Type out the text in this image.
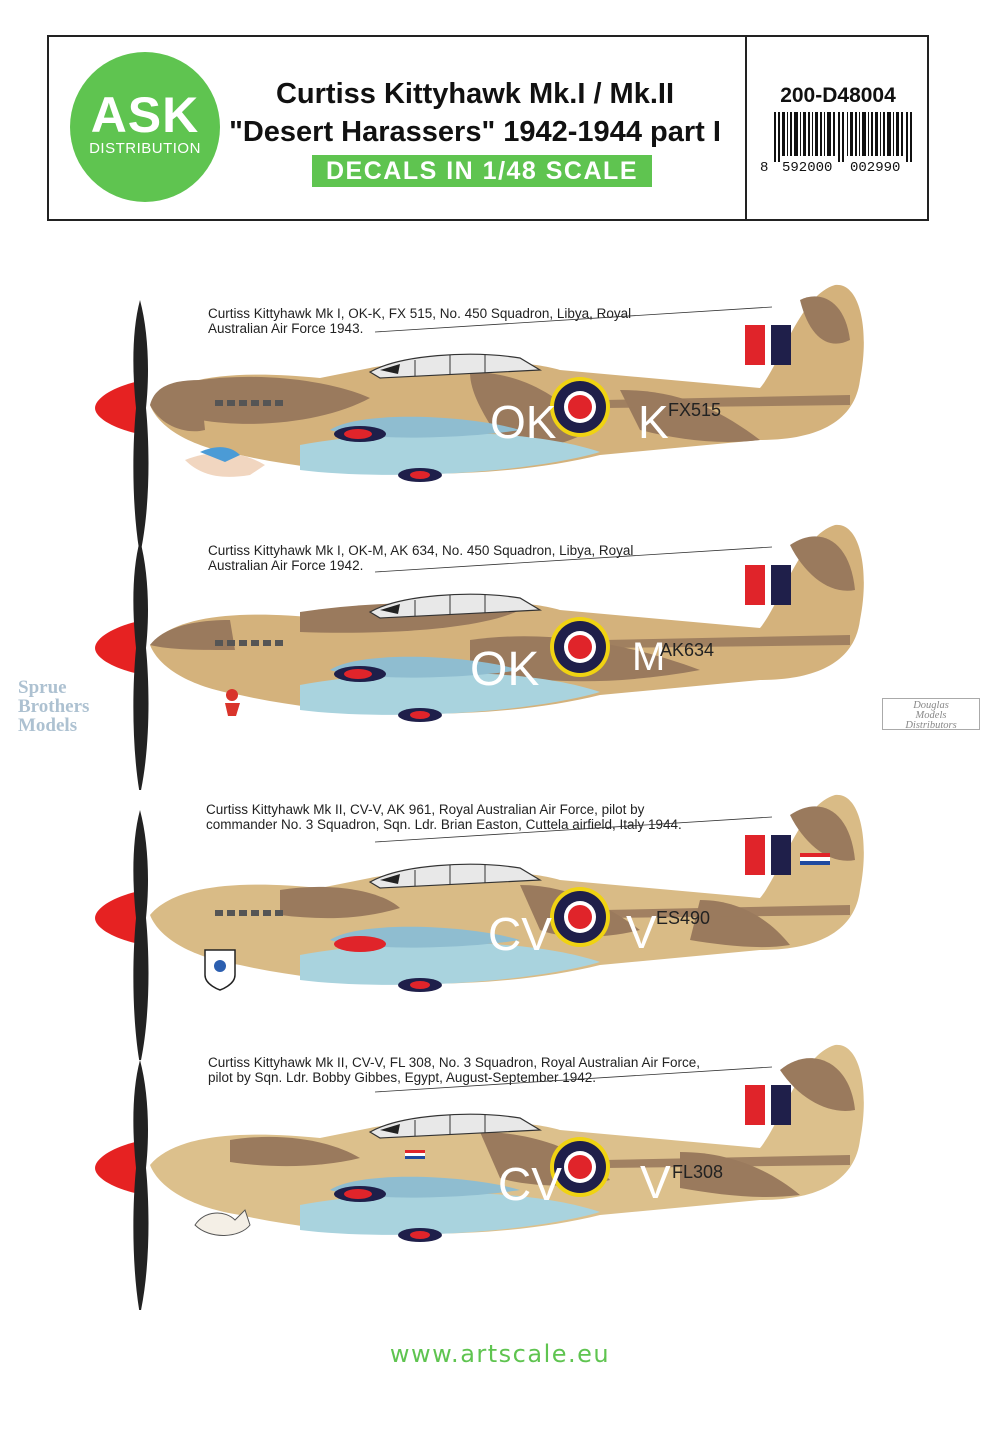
ASK
DISTRIBUTION
Curtiss Kittyhawk Mk.I / Mk.II
"Desert Harassers" 1942-1944 part I
DECALS IN 1/48 SCALE
200-D48004
8 592000 002990
Curtiss Kittyhawk Mk I, OK-K, FX 515, No. 450 Squadron, Libya, Royal
Australian Air Force 1943.
OK K FX515
Curtiss Kittyhawk Mk I, OK-M, AK 634, No. 450 Squadron, Libya, Royal
Australian Air Force 1942.
OK M
AK634
Curtiss Kittyhawk Mk II, CV-V, AK 961, Royal Australian Air Force, pilot by
commander No. 3 Squadron, Sqn. Ldr. Brian Easton, Cuttela airfield, Italy 1944.
CV V ES490
Curtiss Kittyhawk Mk II, CV-V, FL 308, No. 3 Squadron, Royal Australian Air Force,
pilot by Sqn. Ldr. Bobby Gibbes, Egypt, August-September 1942.
CV V FL308
Sprue
Brothers
Models
Douglas
Models
Distributors
www.artscale.eu
